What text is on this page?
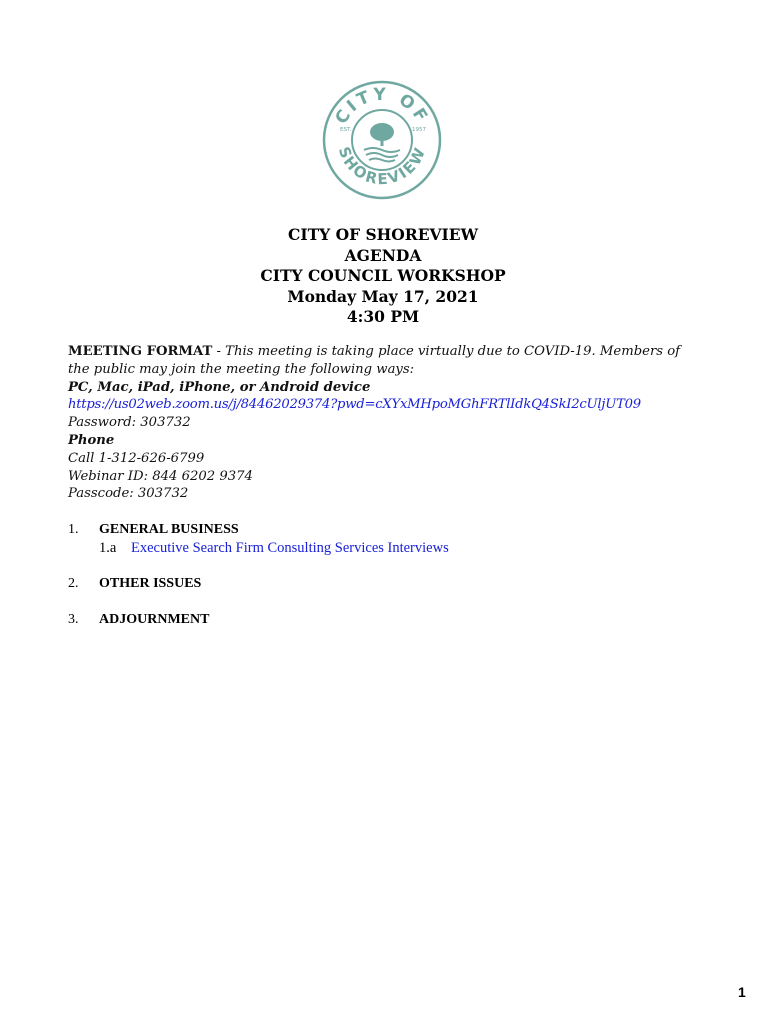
CITY OF
SHOREVIEW
EST.	1957
CITY OF SHOREVIEW
AGENDA
CITY COUNCIL WORKSHOP
Monday May 17, 2021
4:30 PM
MEETING FORMAT - This meeting is taking place virtually due to COVID-19. Members of
the public may join the meeting the following ways:
PC, Mac, iPad, iPhone, or Android device
https://us02web.zoom.us/j/84462029374?pwd=cXYxMHpoMGhFRTlIdkQ4SkI2cUljUT09
Password: 303732
Phone
Call 1-312-626-6799
Webinar ID: 844 6202 9374
Passcode: 303732
1.	GENERAL BUSINESS
1.a Executive Search Firm Consulting Services Interviews
2.	OTHER ISSUES
3.	ADJOURNMENT
1
